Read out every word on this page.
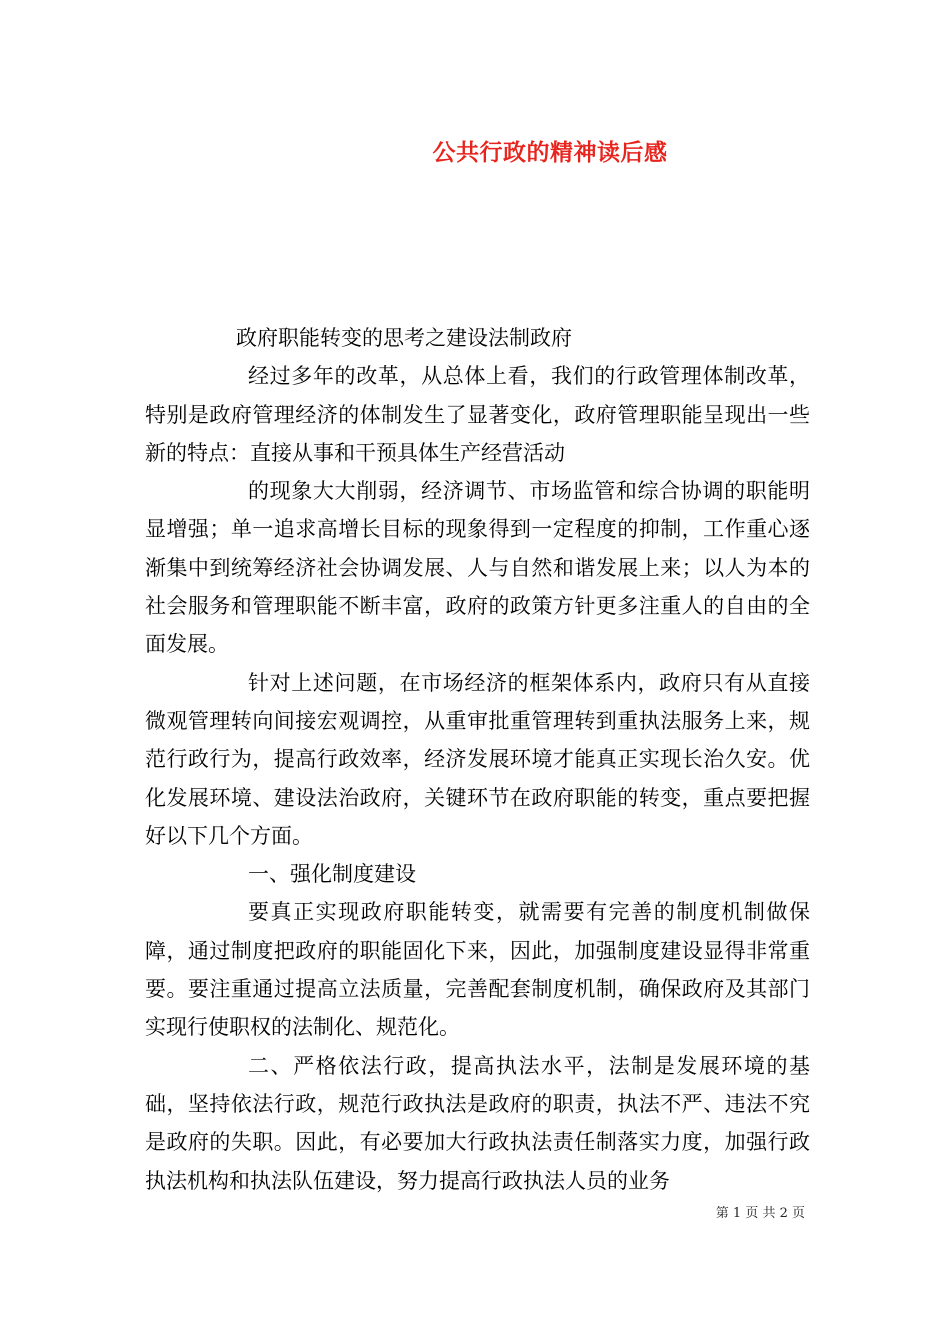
公共行政的精神读后感

政府职能转变的思考之建设法制政府

经过多年的改革，从总体上看，我们的行政管理体制改革，特别是政府管理经济的体制发生了显著变化，政府管理职能呈现出一些新的特点：直接从事和干预具体生产经营活动

的现象大大削弱，经济调节、市场监管和综合协调的职能明显增强；单一追求高增长目标的现象得到一定程度的抑制，工作重心逐渐集中到统筹经济社会协调发展、人与自然和谐发展上来；以人为本的社会服务和管理职能不断丰富，政府的政策方针更多注重人的自由的全面发展。

针对上述问题，在市场经济的框架体系内，政府只有从直接微观管理转向间接宏观调控，从重审批重管理转到重执法服务上来，规范行政行为，提高行政效率，经济发展环境才能真正实现长治久安。优化发展环境、建设法治政府，关键环节在政府职能的转变，重点要把握好以下几个方面。

一、强化制度建设

要真正实现政府职能转变，就需要有完善的制度机制做保障，通过制度把政府的职能固化下来，因此，加强制度建设显得非常重要。要注重通过提高立法质量，完善配套制度机制，确保政府及其部门实现行使职权的法制化、规范化。

二、严格依法行政，提高执法水平，法制是发展环境的基础，坚持依法行政，规范行政执法是政府的职责，执法不严、违法不究是政府的失职。因此，有必要加大行政执法责任制落实力度，加强行政执法机构和执法队伍建设，努力提高行政执法人员的业务

第 1 页 共 2 页
